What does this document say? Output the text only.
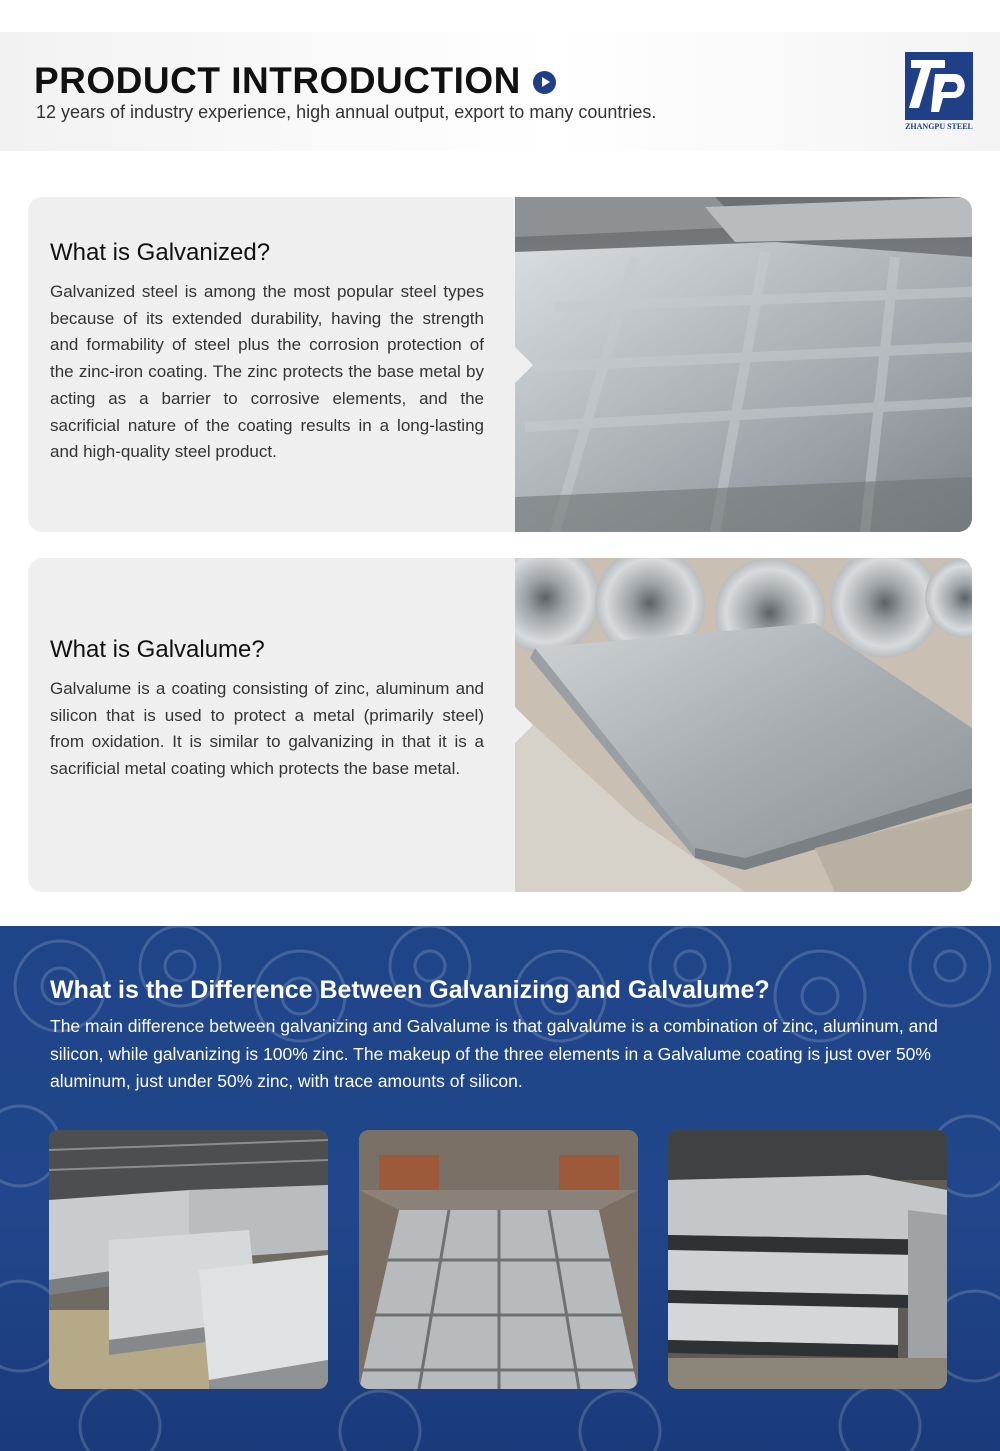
PRODUCT INTRODUCTION
12 years of industry experience, high annual output, export to many countries.
ZHANGPU STEEL
What is Galvanized?
Galvanized steel is among the most popular steel types because of its extended durability, having the strength and formability of steel plus the corrosion protection of the zinc-iron coating. The zinc protects the base metal by acting as a barrier to corrosive elements, and the sacrificial nature of the coating results in a long-lasting and high-quality steel product.
What is Galvalume?
Galvalume is a coating consisting of zinc, aluminum and silicon that is used to protect a metal (primarily steel) from oxidation. It is similar to galvanizing in that it is a sacrificial metal coating which protects the base metal.
What is the Difference Between Galvanizing and Galvalume?
The main difference between galvanizing and Galvalume is that galvalume is a combination of zinc, aluminum, and silicon, while galvanizing is 100% zinc. The makeup of the three elements in a Galvalume coating is just over 50% aluminum, just under 50% zinc, with trace amounts of silicon.
